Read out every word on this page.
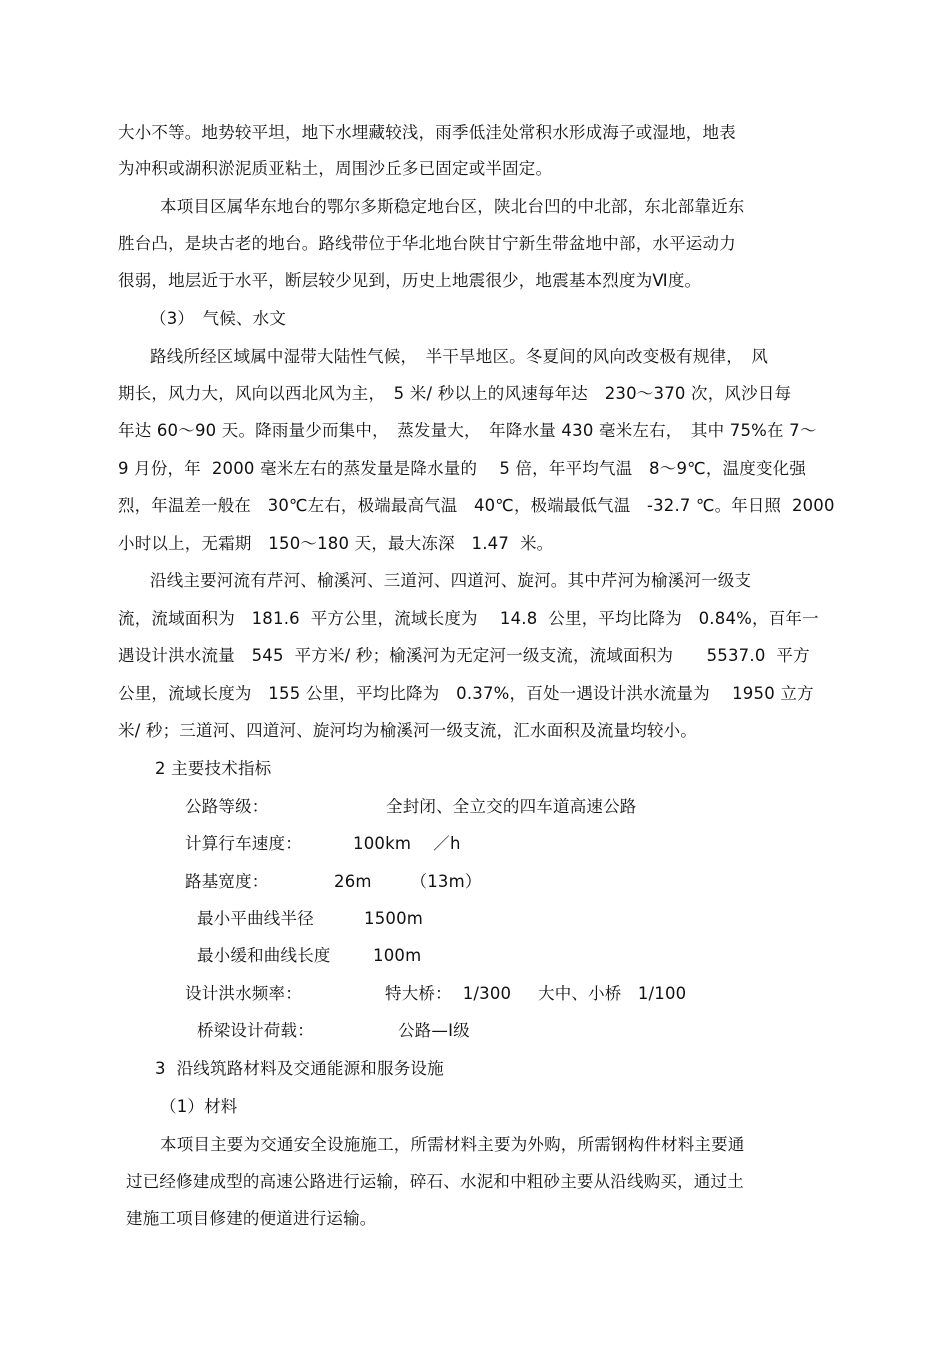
大小不等。地势较平坦，地下水埋藏较浅，雨季低洼处常积水形成海子或湿地，地表
为冲积或湖积淤泥质亚粘土，周围沙丘多已固定或半固定。
本项目区属华东地台的鄂尔多斯稳定地台区，陕北台凹的中北部，东北部靠近东
胜台凸，是块古老的地台。路线带位于华北地台陕甘宁新生带盆地中部，水平运动力
很弱，地层近于水平，断层较少见到，历史上地震很少，地震基本烈度为Ⅵ度。
（3）　气候、水文
路线所经区域属中湿带大陆性气候，　半干旱地区。冬夏间的风向改变极有规律，　风
期长，风力大，风向以西北风为主，　5 米/ 秒以上的风速每年达　230～370 次，风沙日每
年达 60～90 天。降雨量少而集中，　蒸发量大，　年降水量 430 毫米左右，　其中 75%在 7～
9 月份，年  2000 毫米左右的蒸发量是降水量的　 5 倍，年平均气温　8～9℃，温度变化强
烈，年温差一般在　30℃左右，极端最高气温　40℃，极端最低气温　-32.7 ℃。年日照  2000
小时以上，无霜期　150～180 天，最大冻深　1.47  米。
沿线主要河流有芹河、榆溪河、三道河、四道河、旋河。其中芹河为榆溪河一级支
流，流域面积为　181.6  平方公里，流域长度为　 14.8  公里，平均比降为　0.84%，百年一
遇设计洪水流量　545  平方米/ 秒；榆溪河为无定河一级支流，流域面积为　　5537.0  平方
公里，流域长度为　155 公里，平均比降为　0.37%，百处一遇设计洪水流量为　 1950 立方
米/ 秒；三道河、四道河、旋河均为榆溪河一级支流，汇水面积及流量均较小。
2 主要技术指标
公路等级：	全封闭、全立交的四车道高速公路
计算行车速度：	100km　 ／h
路基宽度：	26m　　 （13m）
最小平曲线半径	1500m
最小缓和曲线长度	100m
设计洪水频率：	特大桥：  1/300 大中、小桥   1/100
桥梁设计荷载：	公路—Ⅰ级
3  沿线筑路材料及交通能源和服务设施
（1）材料
本项目主要为交通安全设施施工，所需材料主要为外购，所需钢构件材料主要通
过已经修建成型的高速公路进行运输，碎石、水泥和中粗砂主要从沿线购买，通过土
建施工项目修建的便道进行运输。
